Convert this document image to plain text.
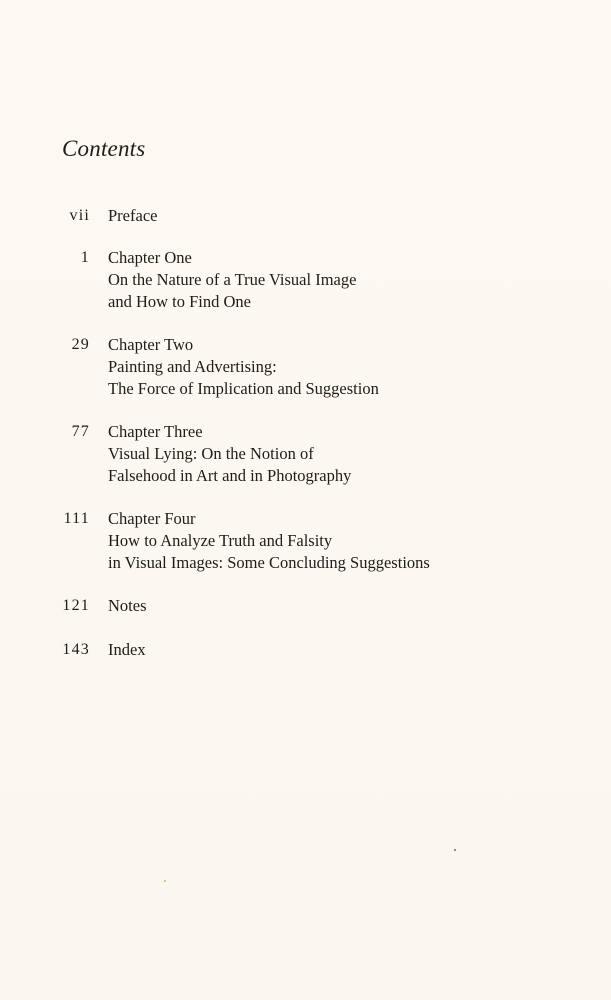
Contents
vii Preface
1 Chapter One
On the Nature of a True Visual Image
and How to Find One
29 Chapter Two
Painting and Advertising:
The Force of Implication and Suggestion
77 Chapter Three
Visual Lying: On the Notion of
Falsehood in Art and in Photography
111 Chapter Four
How to Analyze Truth and Falsity
in Visual Images: Some Concluding Suggestions
121 Notes
143 Index
